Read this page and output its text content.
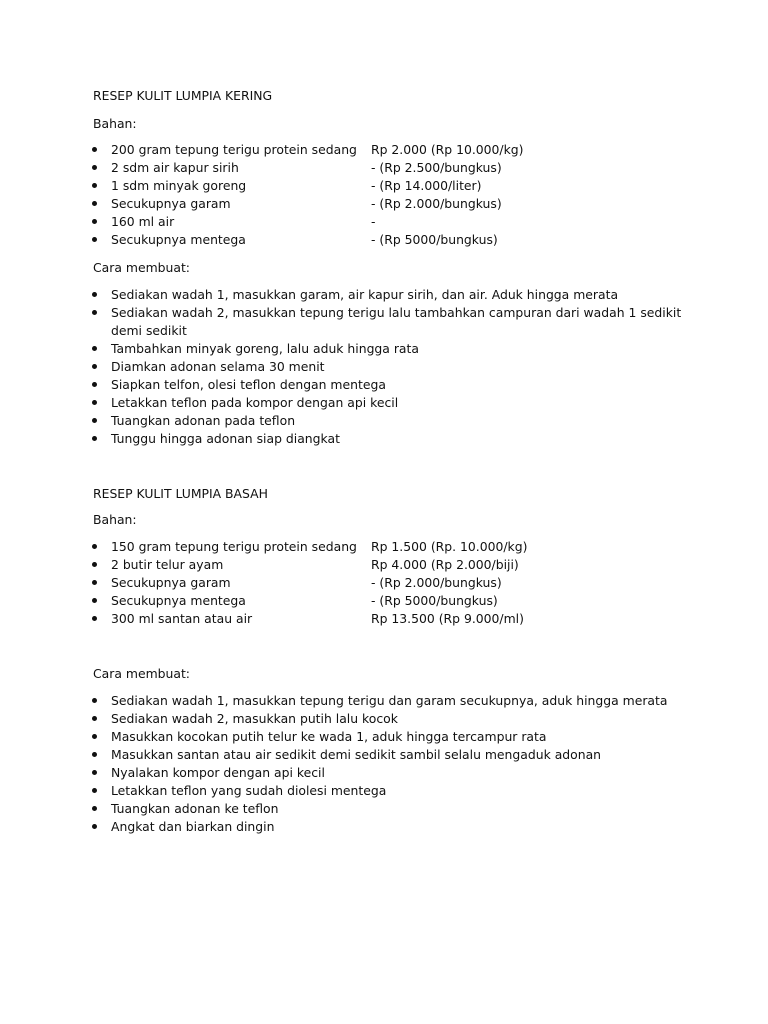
RESEP KULIT LUMPIA KERING

Bahan:

200 gram tepung terigu protein sedang Rp 2.000 (Rp 10.000/kg)
2 sdm air kapur sirih	- (Rp 2.500/bungkus)
1 sdm minyak goreng	- (Rp 14.000/liter)
Secukupnya garam	- (Rp 2.000/bungkus)
160 ml air	-
Secukupnya mentega	- (Rp 5000/bungkus)

Cara membuat:

Sediakan wadah 1, masukkan garam, air kapur sirih, dan air. Aduk hingga merata
Sediakan wadah 2, masukkan tepung terigu lalu tambahkan campuran dari wadah 1 sedikit demi sedikit
Tambahkan minyak goreng, lalu aduk hingga rata
Diamkan adonan selama 30 menit
Siapkan telfon, olesi teflon dengan mentega
Letakkan teflon pada kompor dengan api kecil
Tuangkan adonan pada teflon
Tunggu hingga adonan siap diangkat
RESEP KULIT LUMPIA BASAH

Bahan:

150 gram tepung terigu protein sedang Rp 1.500 (Rp. 10.000/kg)
2 butir telur ayam	Rp 4.000 (Rp 2.000/biji)
Secukupnya garam	- (Rp 2.000/bungkus)
Secukupnya mentega	- (Rp 5000/bungkus)
300 ml santan atau air	Rp 13.500 (Rp 9.000/ml)

Cara membuat:

Sediakan wadah 1, masukkan tepung terigu dan garam secukupnya, aduk hingga merata
Sediakan wadah 2, masukkan putih lalu kocok
Masukkan kocokan putih telur ke wada 1, aduk hingga tercampur rata
Masukkan santan atau air sedikit demi sedikit sambil selalu mengaduk adonan
Nyalakan kompor dengan api kecil
Letakkan teflon yang sudah diolesi mentega
Tuangkan adonan ke teflon
Angkat dan biarkan dingin
